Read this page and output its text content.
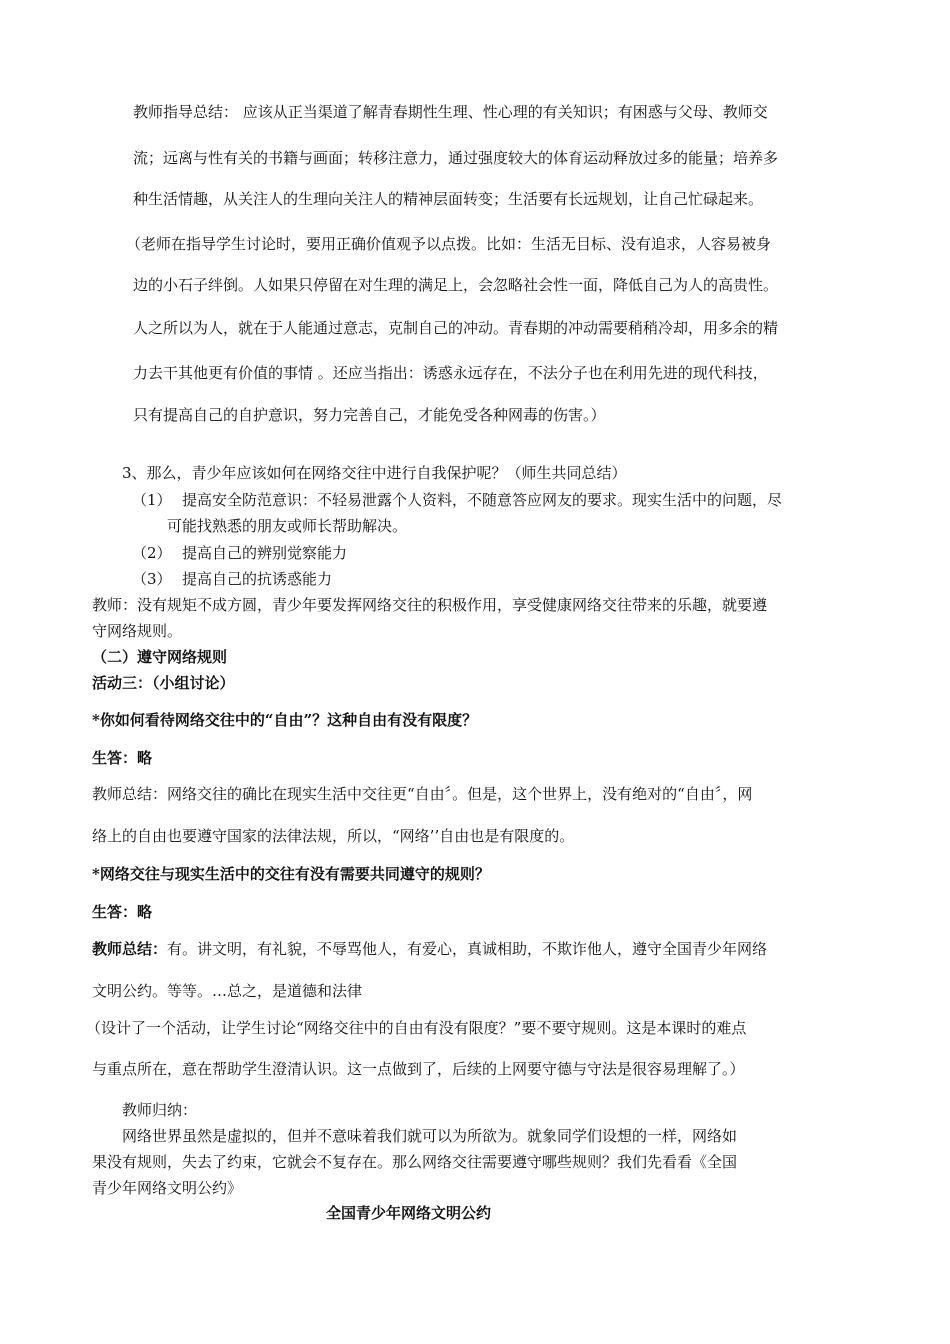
教师指导总结： 应该从正当渠道了解青春期性生理、性心理的有关知识；有困惑与父母、教师交
流；远离与性有关的书籍与画面；转移注意力，通过强度较大的体育运动释放过多的能量；培养多
种生活情趣，从关注人的生理向关注人的精神层面转变；生活要有长远规划，让自己忙碌起来。
（老师在指导学生讨论时，要用正确价值观予以点拨。比如：生活无目标、没有追求，人容易被身
边的小石子绊倒。人如果只停留在对生理的满足上，会忽略社会性一面，降低自己为人的高贵性。
人之所以为人，就在于人能通过意志，克制自己的冲动。青春期的冲动需要稍稍冷却，用多余的精
力去干其他更有价值的事情 。还应当指出：诱惑永远存在，不法分子也在利用先进的现代科技，
只有提高自己的自护意识，努力完善自己，才能免受各种网毒的伤害。）
3、那么，青少年应该如何在网络交往中进行自我保护呢？（师生共同总结）
（1） 提高安全防范意识：不轻易泄露个人资料，不随意答应网友的要求。现实生活中的问题，尽
可能找熟悉的朋友或师长帮助解决。
（2） 提高自己的辨别觉察能力
（3） 提高自己的抗诱惑能力
教师：没有规矩不成方圆，青少年要发挥网络交往的积极作用，享受健康网络交往带来的乐趣，就要遵
守网络规则。
（二）遵守网络规则
活动三：（小组讨论）
*你如何看待网络交往中的“自由”？这种自由有没有限度？
生答：略
教师总结：网络交往的确比在现实生活中交往更“自由〞。但是，这个世界上，没有绝对的“自由〞，网
络上的自由也要遵守国家的法律法规，所以，“网络’’自由也是有限度的。
*网络交往与现实生活中的交往有没有需要共同遵守的规则？
生答：略
教师总结：有。讲文明，有礼貌，不辱骂他人，有爱心，真诚相助，不欺诈他人，遵守全国青少年网络
文明公约。等等。…总之，是道德和法律
（设计了一个活动，让学生讨论“网络交往中的自由有没有限度？”要不要守规则。这是本课时的难点
与重点所在，意在帮助学生澄清认识。这一点做到了，后续的上网要守德与守法是很容易理解了。）
教师归纳：
网络世界虽然是虚拟的，但并不意味着我们就可以为所欲为。就象同学们设想的一样，网络如
果没有规则，失去了约束，它就会不复存在。那么网络交往需要遵守哪些规则？我们先看看《全国
青少年网络文明公约》
全国青少年网络文明公约
